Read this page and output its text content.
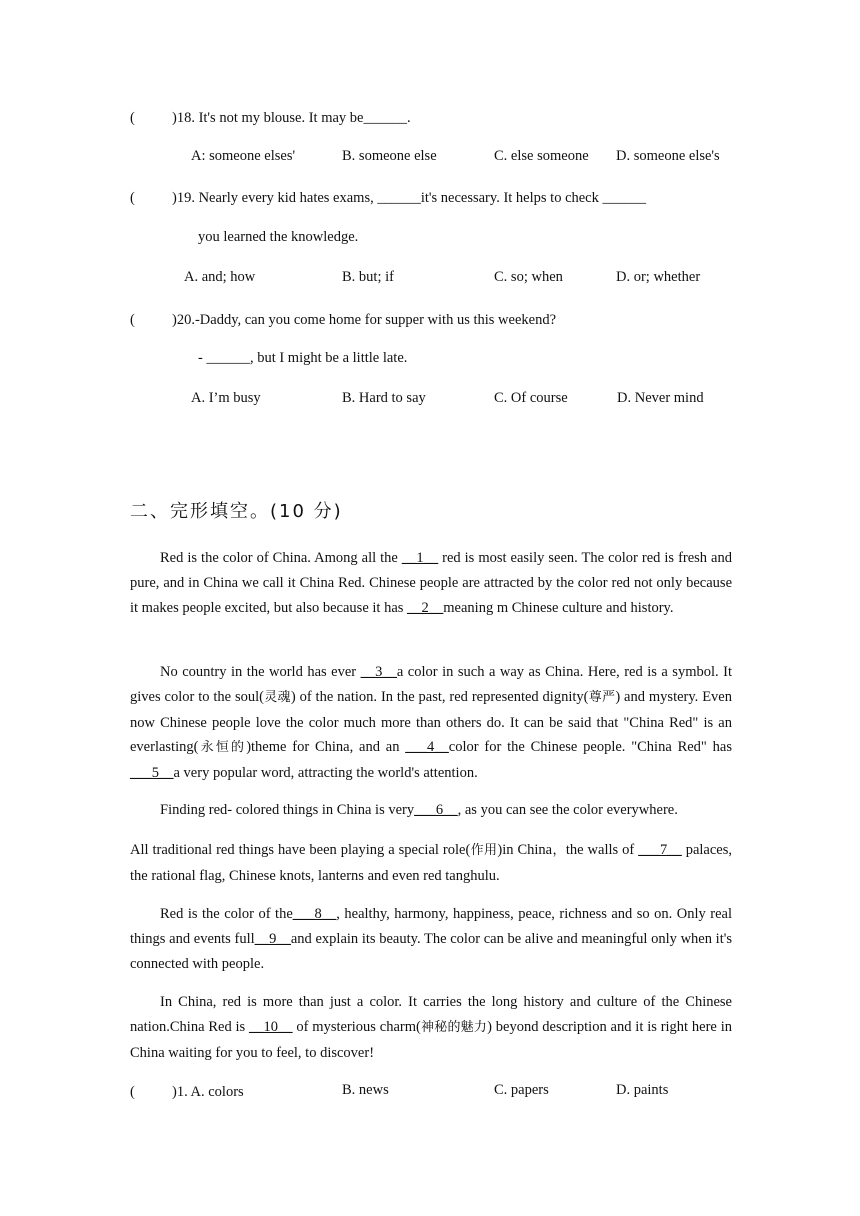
(	)18. It's not my blouse. It may be______.
A: someone elses'	B. someone else	C. else someone D. someone else's
(	)19. Nearly every kid hates exams, ______it's necessary. It helps to check ______
you learned the knowledge.
A. and; how	B. but; if	C. so; when	D. or; whether
(	)20.-Daddy, can you come home for supper with us this weekend?
- ______, but I might be a little late.
A. I’m busy	B. Hard to say	C. Of course	D. Never mind
二、完形填空。(10 分)

Red is the color of China. Among all the __1__ red is most easily seen. The color red is fresh and pure, and in China we call it China Red. Chinese people are attracted by the color red not only because it makes people excited, but also because it has __2__meaning m Chinese culture and history.

No country in the world has ever __3__a color in such a way as China. Here, red is a symbol. It gives color to the soul(灵魂) of the nation. In the past, red represented dignity(尊严) and mystery. Even now Chinese people love the color much more than others do. It can be said that "China Red" is an everlasting(永恒的)theme for China, and an ___4__color for the Chinese people. "China Red" has ___5__a very popular word, attracting the world's attention.

Finding red- colored things in China is very___6__, as you can see the color everywhere.

All traditional red things have been playing a special role(作用)in China，the walls of ___7__ palaces, the rational flag, Chinese knots, lanterns and even red tanghulu.

Red is the color of the___8__, healthy, harmony, happiness, peace, richness and so on. Only real things and events full__9__and explain its beauty. The color can be alive and meaningful only when it's connected with people.

In China, red is more than just a color. It carries the long history and culture of the Chinese nation.China Red is __10__ of mysterious charm(神秘的魅力) beyond description and it is right here in China waiting for you to feel, to discover!

(	)1. A. colors	B. news	C. papers	D. paints
